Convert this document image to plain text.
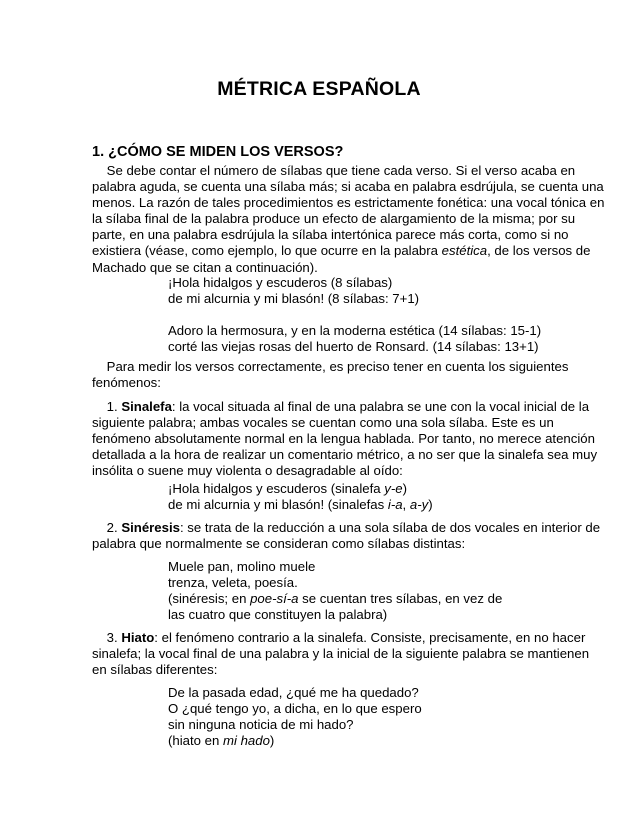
MÉTRICA ESPAÑOLA
1. ¿CÓMO SE MIDEN LOS VERSOS?
Se debe contar el número de sílabas que tiene cada verso. Si el verso acaba en
palabra aguda, se cuenta una sílaba más; si acaba en palabra esdrújula, se cuenta una
menos. La razón de tales procedimientos es estrictamente fonética: una vocal tónica en
la sílaba final de la palabra produce un efecto de alargamiento de la misma; por su
parte, en una palabra esdrújula la sílaba intertónica parece más corta, como si no
existiera (véase, como ejemplo, lo que ocurre en la palabra estética, de los versos de
Machado que se citan a continuación).
¡Hola hidalgos y escuderos (8 sílabas)
de mi alcurnia y mi blasón! (8 sílabas: 7+1)
Adoro la hermosura, y en la moderna estética (14 sílabas: 15-1)
corté las viejas rosas del huerto de Ronsard. (14 sílabas: 13+1)
Para medir los versos correctamente, es preciso tener en cuenta los siguientes
fenómenos:
1. Sinalefa: la vocal situada al final de una palabra se une con la vocal inicial de la
siguiente palabra; ambas vocales se cuentan como una sola sílaba. Este es un
fenómeno absolutamente normal en la lengua hablada. Por tanto, no merece atención
detallada a la hora de realizar un comentario métrico, a no ser que la sinalefa sea muy
insólita o suene muy violenta o desagradable al oído:
¡Hola hidalgos y escuderos (sinalefa y-e)
de mi alcurnia y mi blasón! (sinalefas i-a, a-y)
2. Sinéresis: se trata de la reducción a una sola sílaba de dos vocales en interior de
palabra que normalmente se consideran como sílabas distintas:
Muele pan, molino muele
trenza, veleta, poesía.
(sinéresis; en poe-sí-a se cuentan tres sílabas, en vez de
las cuatro que constituyen la palabra)
3. Hiato: el fenómeno contrario a la sinalefa. Consiste, precisamente, en no hacer
sinalefa; la vocal final de una palabra y la inicial de la siguiente palabra se mantienen
en sílabas diferentes:
De la pasada edad, ¿qué me ha quedado?
O ¿qué tengo yo, a dicha, en lo que espero
sin ninguna noticia de mi hado?
(hiato en mi hado)
